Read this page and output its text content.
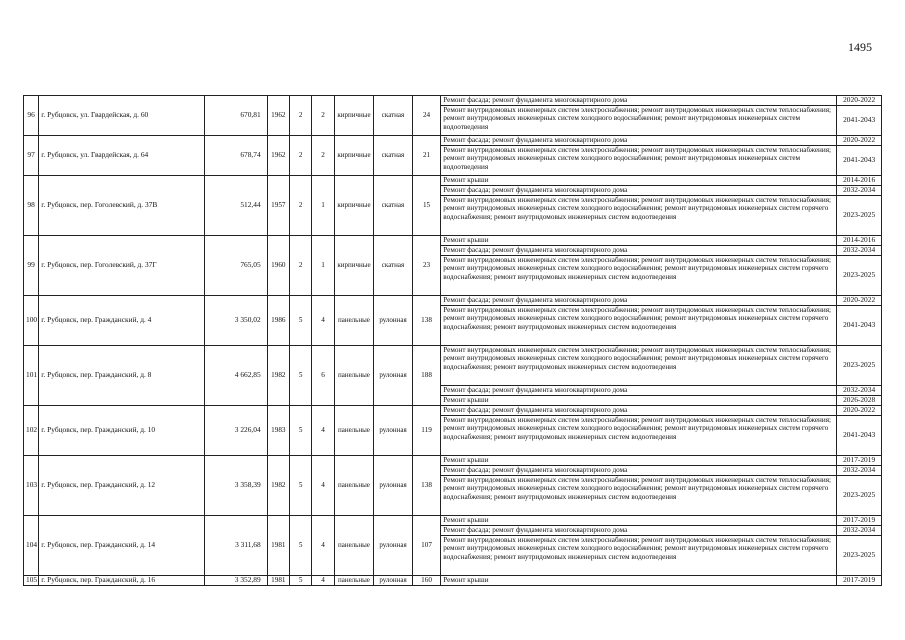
1495
96	г. Рубцовск, ул. Гвардейская, д. 60	670,81	1962	2	2	кирпичные	скатная	24	Ремонт фасада; ремонт фундамента многоквартирного дома	2020-2022
									Ремонт внутридомовых инженерных систем электроснабжения; ремонт внутридомовых инженерных систем теплоснабжения; ремонт внутридомовых инженерных систем холодного водоснабжения; ремонт внутридомовых инженерных систем водоотведения	2041-2043
97	г. Рубцовск, ул. Гвардейская, д. 64	678,74	1962	2	2	кирпичные	скатная	21	Ремонт фасада; ремонт фундамента многоквартирного дома	2020-2022
									Ремонт внутридомовых инженерных систем электроснабжения; ремонт внутридомовых инженерных систем теплоснабжения; ремонт внутридомовых инженерных систем холодного водоснабжения; ремонт внутридомовых инженерных систем водоотведения	2041-2043
98	г. Рубцовск, пер. Гоголевский, д. 37В	512,44	1957	2	1	кирпичные	скатная	15	Ремонт крыши	2014-2016
									Ремонт фасада; ремонт фундамента многоквартирного дома	2032-2034
									Ремонт внутридомовых инженерных систем электроснабжения; ремонт внутридомовых инженерных систем теплоснабжения; ремонт внутридомовых инженерных систем холодного водоснабжения; ремонт внутридомовых инженерных систем горячего водоснабжения; ремонт внутридомовых инженерных систем водоотведения	2023-2025
99	г. Рубцовск, пер. Гоголевский, д. 37Г	765,05	1960	2	1	кирпичные	скатная	23	Ремонт крыши	2014-2016
									Ремонт фасада; ремонт фундамента многоквартирного дома	2032-2034
									Ремонт внутридомовых инженерных систем электроснабжения; ремонт внутридомовых инженерных систем теплоснабжения; ремонт внутридомовых инженерных систем холодного водоснабжения; ремонт внутридомовых инженерных систем горячего водоснабжения; ремонт внутридомовых инженерных систем водоотведения	2023-2025
100	г. Рубцовск, пер. Гражданский, д. 4	3 350,02	1986	5	4	панельные	рулонная	138	Ремонт фасада; ремонт фундамента многоквартирного дома	2020-2022
									Ремонт внутридомовых инженерных систем электроснабжения; ремонт внутридомовых инженерных систем теплоснабжения; ремонт внутридомовых инженерных систем холодного водоснабжения; ремонт внутридомовых инженерных систем горячего водоснабжения; ремонт внутридомовых инженерных систем водоотведения	2041-2043
101	г. Рубцовск, пер. Гражданский, д. 8	4 662,85	1982	5	6	панельные	рулонная	188	Ремонт внутридомовых инженерных систем электроснабжения; ремонт внутридомовых инженерных систем теплоснабжения; ремонт внутридомовых инженерных систем холодного водоснабжения; ремонт внутридомовых инженерных систем горячего водоснабжения; ремонт внутридомовых инженерных систем водоотведения	2023-2025
									Ремонт фасада; ремонт фундамента многоквартирного дома	2032-2034
									Ремонт крыши	2026-2028
102	г. Рубцовск, пер. Гражданский, д. 10	3 226,04	1983	5	4	панельные	рулонная	119	Ремонт фасада; ремонт фундамента многоквартирного дома	2020-2022
									Ремонт внутридомовых инженерных систем электроснабжения; ремонт внутридомовых инженерных систем теплоснабжения; ремонт внутридомовых инженерных систем холодного водоснабжения; ремонт внутридомовых инженерных систем горячего водоснабжения; ремонт внутридомовых инженерных систем водоотведения	2041-2043
103	г. Рубцовск, пер. Гражданский, д. 12	3 358,39	1982	5	4	панельные	рулонная	138	Ремонт крыши	2017-2019
									Ремонт фасада; ремонт фундамента многоквартирного дома	2032-2034
									Ремонт внутридомовых инженерных систем электроснабжения; ремонт внутридомовых инженерных систем теплоснабжения; ремонт внутридомовых инженерных систем холодного водоснабжения; ремонт внутридомовых инженерных систем горячего водоснабжения; ремонт внутридомовых инженерных систем водоотведения	2023-2025
104	г. Рубцовск, пер. Гражданский, д. 14	3 311,68	1981	5	4	панельные	рулонная	107	Ремонт крыши	2017-2019
									Ремонт фасада; ремонт фундамента многоквартирного дома	2032-2034
									Ремонт внутридомовых инженерных систем электроснабжения; ремонт внутридомовых инженерных систем теплоснабжения; ремонт внутридомовых инженерных систем холодного водоснабжения; ремонт внутридомовых инженерных систем горячего водоснабжения; ремонт внутридомовых инженерных систем водоотведения	2023-2025
105	г. Рубцовск, пер. Гражданский, д. 16	3 352,89	1981	5	4	панельные	рулонная	160	Ремонт крыши	2017-2019
